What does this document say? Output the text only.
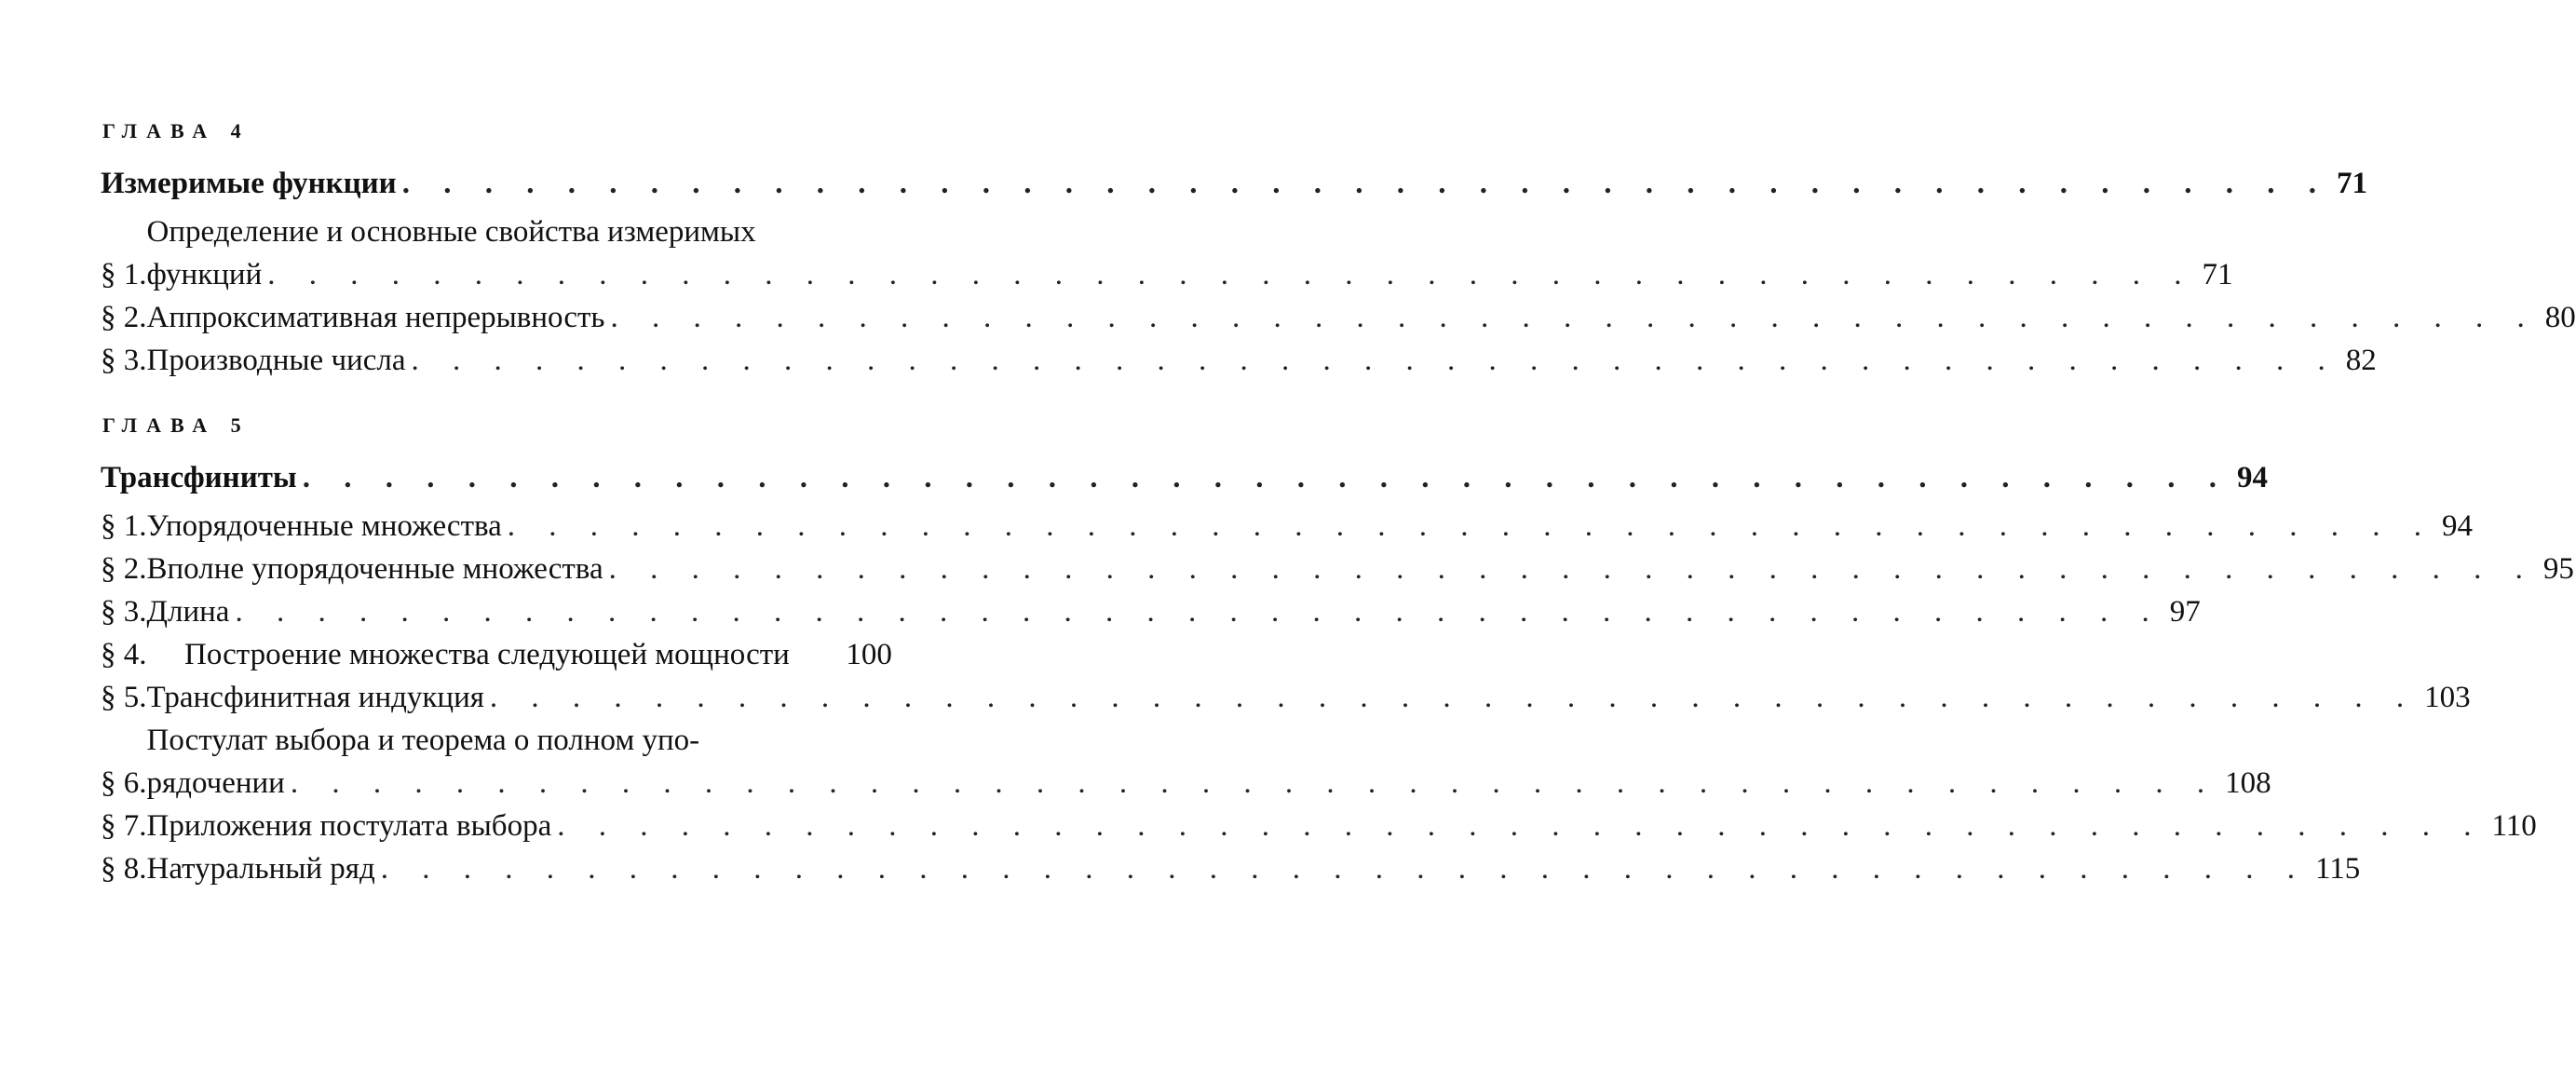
ГЛАВА 4
Измеримые функции . . .	71
§ 1.
Определение и основные свойства измеримых
функций . . .	71
§ 2. Аппроксимативная непрерывность . . .	80
§ 3. Производные числа . . .	82
ГЛАВА 5
Трансфиниты . . .	94
§ 1. Упорядоченные множества . . .	94
§ 2. Вполне упорядоченные множества . . .	95
§ 3. Длина . . .	97
§ 4.	Построение множества следующей мощности	100
§ 5. Трансфинитная индукция . . .	103
§ 6.
Постулат выбора и теорема о полном упо-
рядочении . . .	108
§ 7. Приложения постулата выбора . . .	110
§ 8. Натуральный ряд . . .	115
